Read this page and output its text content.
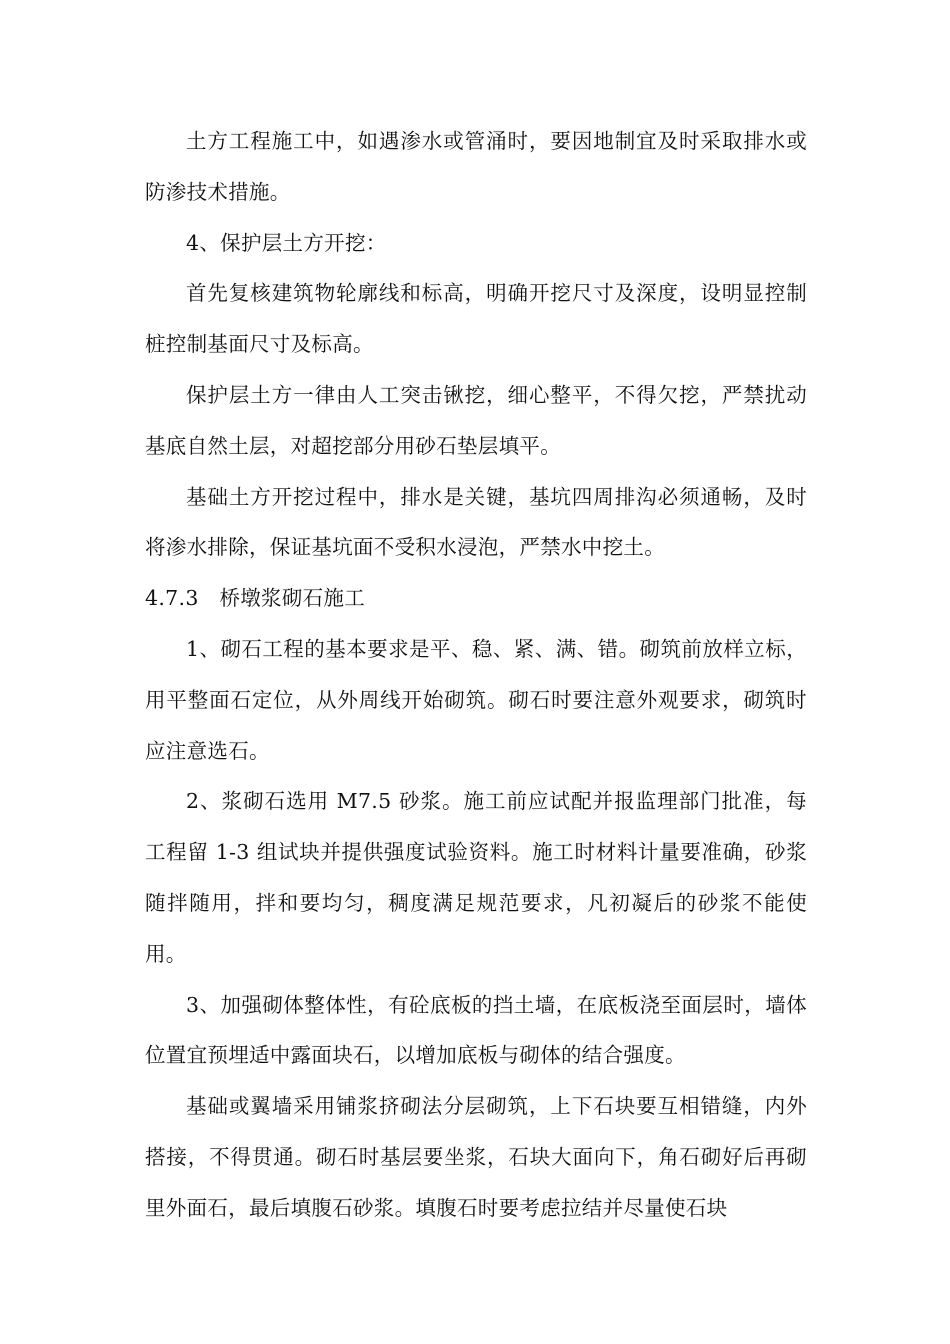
土方工程施工中，如遇渗水或管涌时，要因地制宜及时采取排水或防渗技术措施。

4、保护层土方开挖：

首先复核建筑物轮廓线和标高，明确开挖尺寸及深度，设明显控制桩控制基面尺寸及标高。

保护层土方一律由人工突击锹挖，细心整平，不得欠挖，严禁扰动基底自然土层，对超挖部分用砂石垫层填平。

基础土方开挖过程中，排水是关键，基坑四周排沟必须通畅，及时将渗水排除，保证基坑面不受积水浸泡，严禁水中挖土。

4.7.3　桥墩浆砌石施工

1、砌石工程的基本要求是平、稳、紧、满、错。砌筑前放样立标，用平整面石定位，从外周线开始砌筑。砌石时要注意外观要求，砌筑时应注意选石。

2、浆砌石选用 M7.5 砂浆。施工前应试配并报监理部门批准，每工程留 1-3 组试块并提供强度试验资料。施工时材料计量要准确，砂浆随拌随用，拌和要均匀，稠度满足规范要求，凡初凝后的砂浆不能使用。

3、加强砌体整体性，有砼底板的挡土墙，在底板浇至面层时，墙体位置宜预埋适中露面块石，以增加底板与砌体的结合强度。

基础或翼墙采用铺浆挤砌法分层砌筑，上下石块要互相错缝，内外搭接，不得贯通。砌石时基层要坐浆，石块大面向下，角石砌好后再砌里外面石，最后填腹石砂浆。填腹石时要考虑拉结并尽量使石块
